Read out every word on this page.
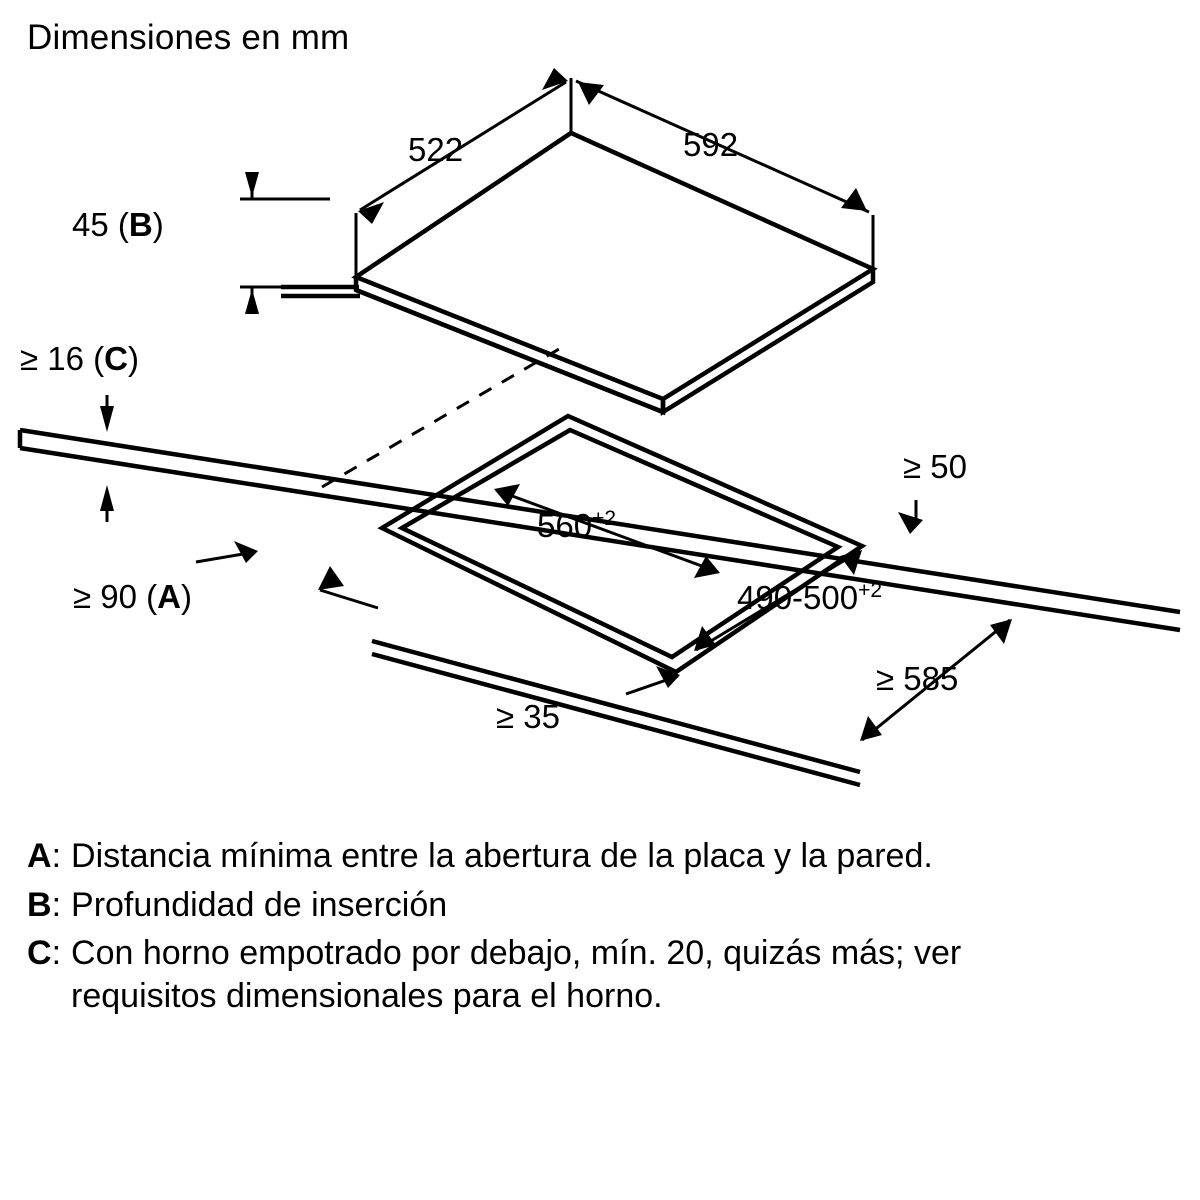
Dimensiones en mm
522	592
45 (B)
≥ 16 (C)
$560^{+2}$
$490-500^{+2}$
≥ 50
≥ 90 (A)
≥ 35
≥ 585
A : Distancia mínima entre la abertura de la placa y la pared.
B : Profundidad de inserción
C : Con horno empotrado por debajo, mín. 20, quizás más; ver requisitos dimensionales para el horno.
